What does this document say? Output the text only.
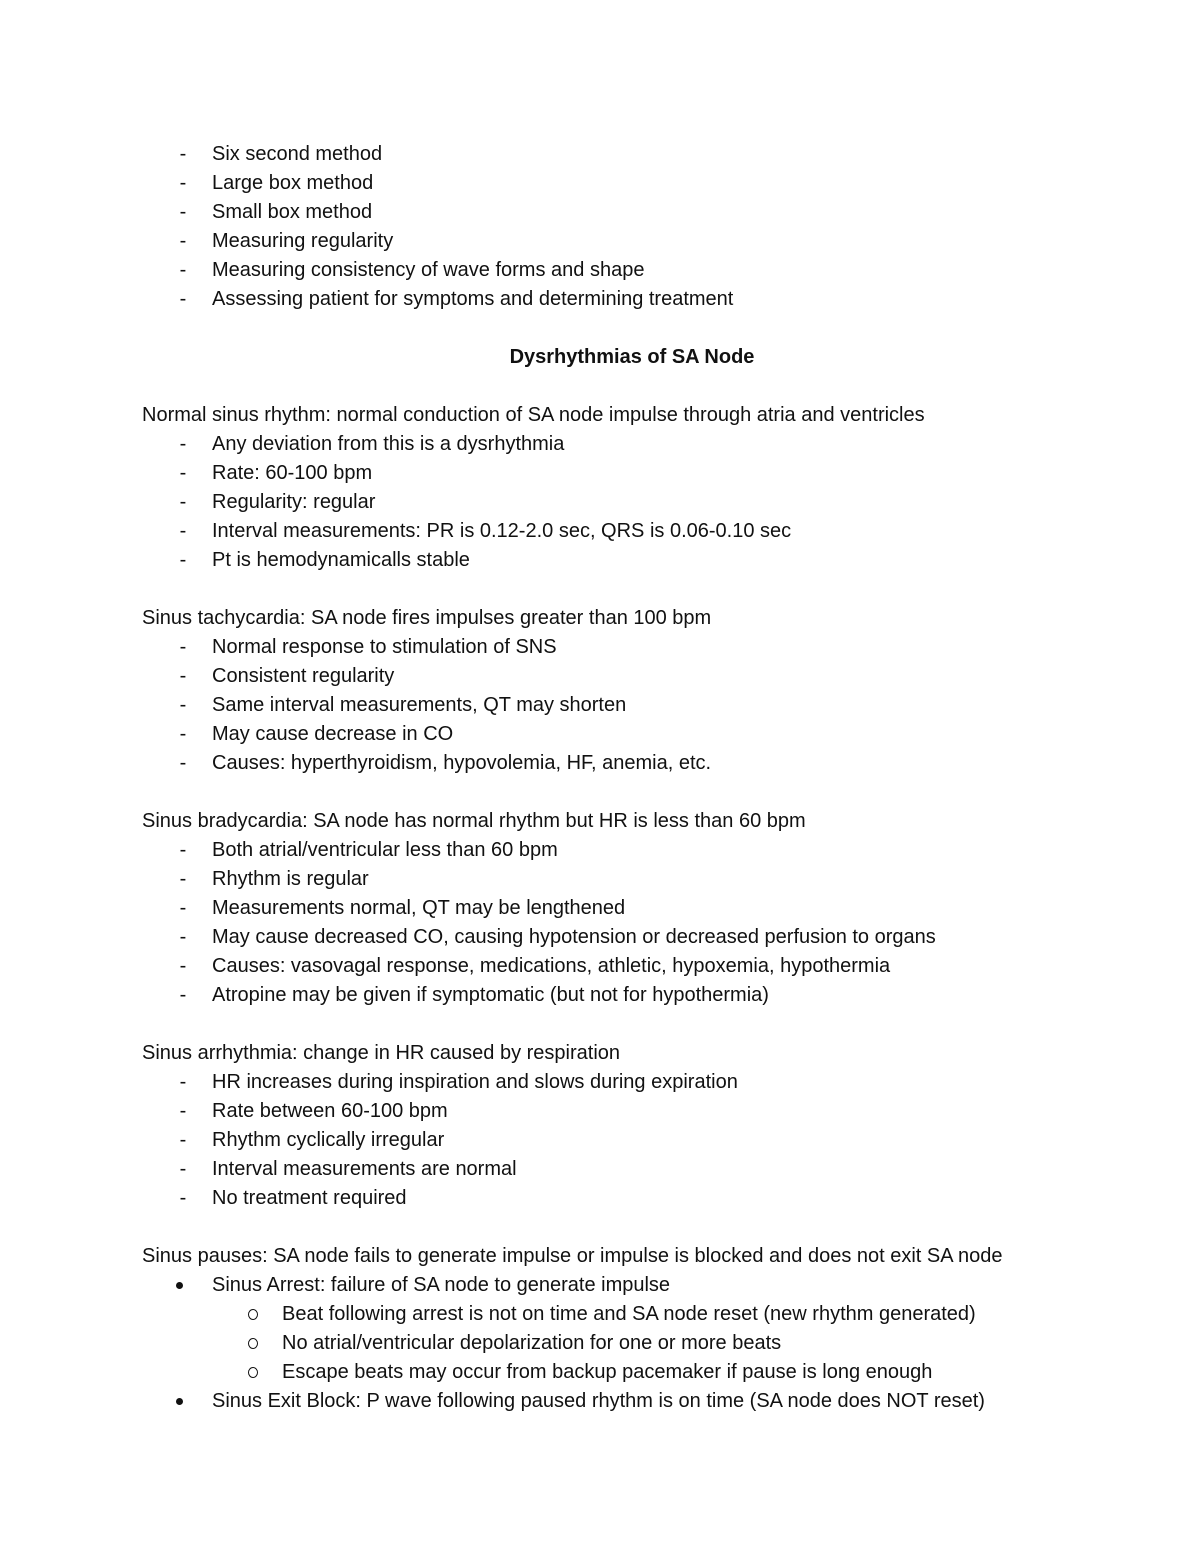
- Six second method
- Large box method
- Small box method
- Measuring regularity
- Measuring consistency of wave forms and shape
- Assessing patient for symptoms and determining treatment
Dysrhythmias of SA Node
Normal sinus rhythm: normal conduction of SA node impulse through atria and ventricles
- Any deviation from this is a dysrhythmia
- Rate: 60-100 bpm
- Regularity: regular
- Interval measurements: PR is 0.12-2.0 sec, QRS is 0.06-0.10 sec
- Pt is hemodynamicalls stable
Sinus tachycardia: SA node fires impulses greater than 100 bpm
- Normal response to stimulation of SNS
- Consistent regularity
- Same interval measurements, QT may shorten
- May cause decrease in CO
- Causes: hyperthyroidism, hypovolemia, HF, anemia, etc.
Sinus bradycardia: SA node has normal rhythm but HR is less than 60 bpm
- Both atrial/ventricular less than 60 bpm
- Rhythm is regular
- Measurements normal, QT may be lengthened
- May cause decreased CO, causing hypotension or decreased perfusion to organs
- Causes: vasovagal response, medications, athletic, hypoxemia, hypothermia
- Atropine may be given if symptomatic (but not for hypothermia)
Sinus arrhythmia: change in HR caused by respiration
- HR increases during inspiration and slows during expiration
- Rate between 60-100 bpm
- Rhythm cyclically irregular
- Interval measurements are normal
- No treatment required
Sinus pauses: SA node fails to generate impulse or impulse is blocked and does not exit SA node
Sinus Arrest: failure of SA node to generate impulse
Beat following arrest is not on time and SA node reset (new rhythm generated)
No atrial/ventricular depolarization for one or more beats
Escape beats may occur from backup pacemaker if pause is long enough
Sinus Exit Block: P wave following paused rhythm is on time (SA node does NOT reset)
